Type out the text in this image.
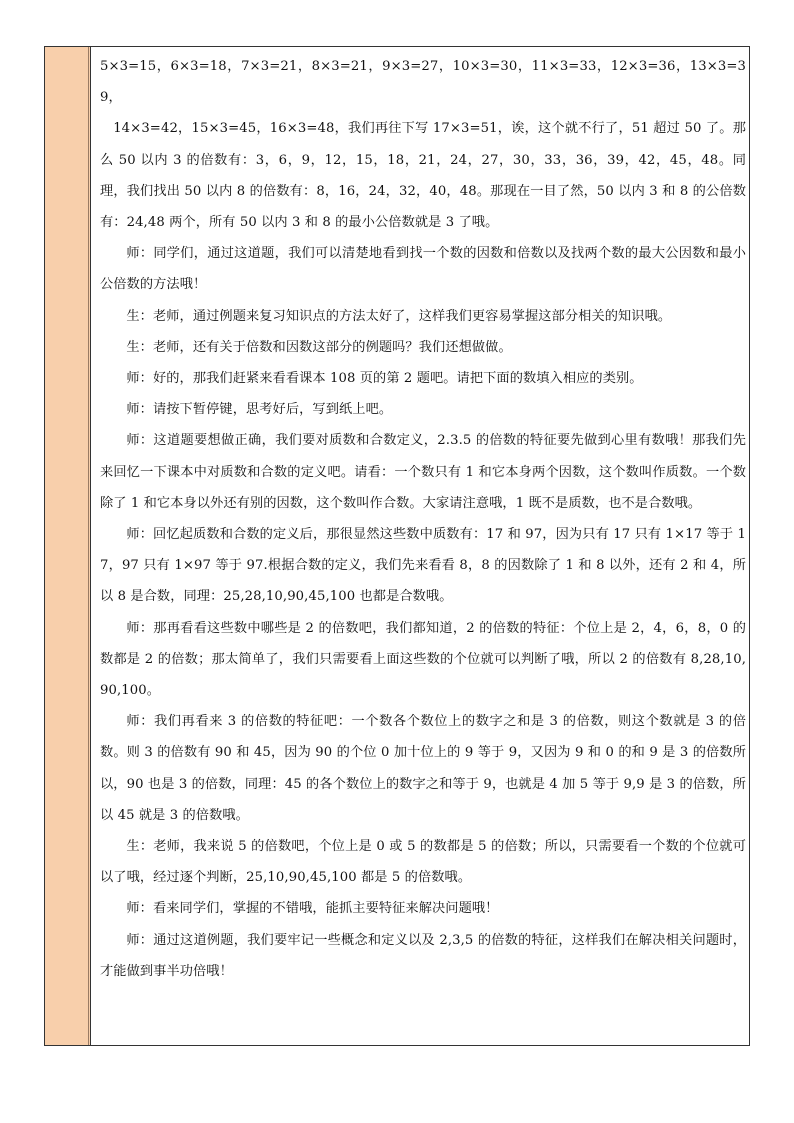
5×3=15，6×3=18，7×3=21，8×3=21，9×3=27，10×3=30，11×3=33，12×3=36，13×3=39，

14×3=42，15×3=45，16×3=48，我们再往下写 17×3=51，诶，这个就不行了，51 超过 50 了。那么 50 以内 3 的倍数有：3，6，9，12，15，18，21，24，27，30，33，36，39，42，45，48。同理，我们找出 50 以内 8 的倍数有：8，16，24，32，40，48。那现在一目了然，50 以内 3 和 8 的公倍数有：24,48 两个，所有 50 以内 3 和 8 的最小公倍数就是 3 了哦。

师：同学们，通过这道题，我们可以清楚地看到找一个数的因数和倍数以及找两个数的最大公因数和最小公倍数的方法哦！

生：老师，通过例题来复习知识点的方法太好了，这样我们更容易掌握这部分相关的知识哦。

生：老师，还有关于倍数和因数这部分的例题吗？我们还想做做。

师：好的，那我们赶紧来看看课本 108 页的第 2 题吧。请把下面的数填入相应的类别。

师：请按下暂停键，思考好后，写到纸上吧。

师：这道题要想做正确，我们要对质数和合数定义，2.3.5 的倍数的特征要先做到心里有数哦！那我们先来回忆一下课本中对质数和合数的定义吧。请看：一个数只有 1 和它本身两个因数，这个数叫作质数。一个数除了 1 和它本身以外还有别的因数，这个数叫作合数。大家请注意哦，1 既不是质数，也不是合数哦。

师：回忆起质数和合数的定义后，那很显然这些数中质数有：17 和 97，因为只有 17 只有 1×17 等于 17，97 只有 1×97 等于 97.根据合数的定义，我们先来看看 8，8 的因数除了 1 和 8 以外，还有 2 和 4，所以 8 是合数，同理：25,28,10,90,45,100 也都是合数哦。

师：那再看看这些数中哪些是 2 的倍数吧，我们都知道，2 的倍数的特征：个位上是 2，4，6，8，0 的数都是 2 的倍数；那太简单了，我们只需要看上面这些数的个位就可以判断了哦，所以 2 的倍数有 8,28,10,90,100。

师：我们再看来 3 的倍数的特征吧：一个数各个数位上的数字之和是 3 的倍数，则这个数就是 3 的倍数。则 3 的倍数有 90 和 45，因为 90 的个位 0 加十位上的 9 等于 9，又因为 9 和 0 的和 9 是 3 的倍数所以，90 也是 3 的倍数，同理：45 的各个数位上的数字之和等于 9，也就是 4 加 5 等于 9,9 是 3 的倍数，所以 45 就是 3 的倍数哦。

生：老师，我来说 5 的倍数吧，个位上是 0 或 5 的数都是 5 的倍数；所以，只需要看一个数的个位就可以了哦，经过逐个判断，25,10,90,45,100 都是 5 的倍数哦。

师：看来同学们，掌握的不错哦，能抓主要特征来解决问题哦！

师：通过这道例题，我们要牢记一些概念和定义以及 2,3,5 的倍数的特征，这样我们在解决相关问题时，才能做到事半功倍哦！
